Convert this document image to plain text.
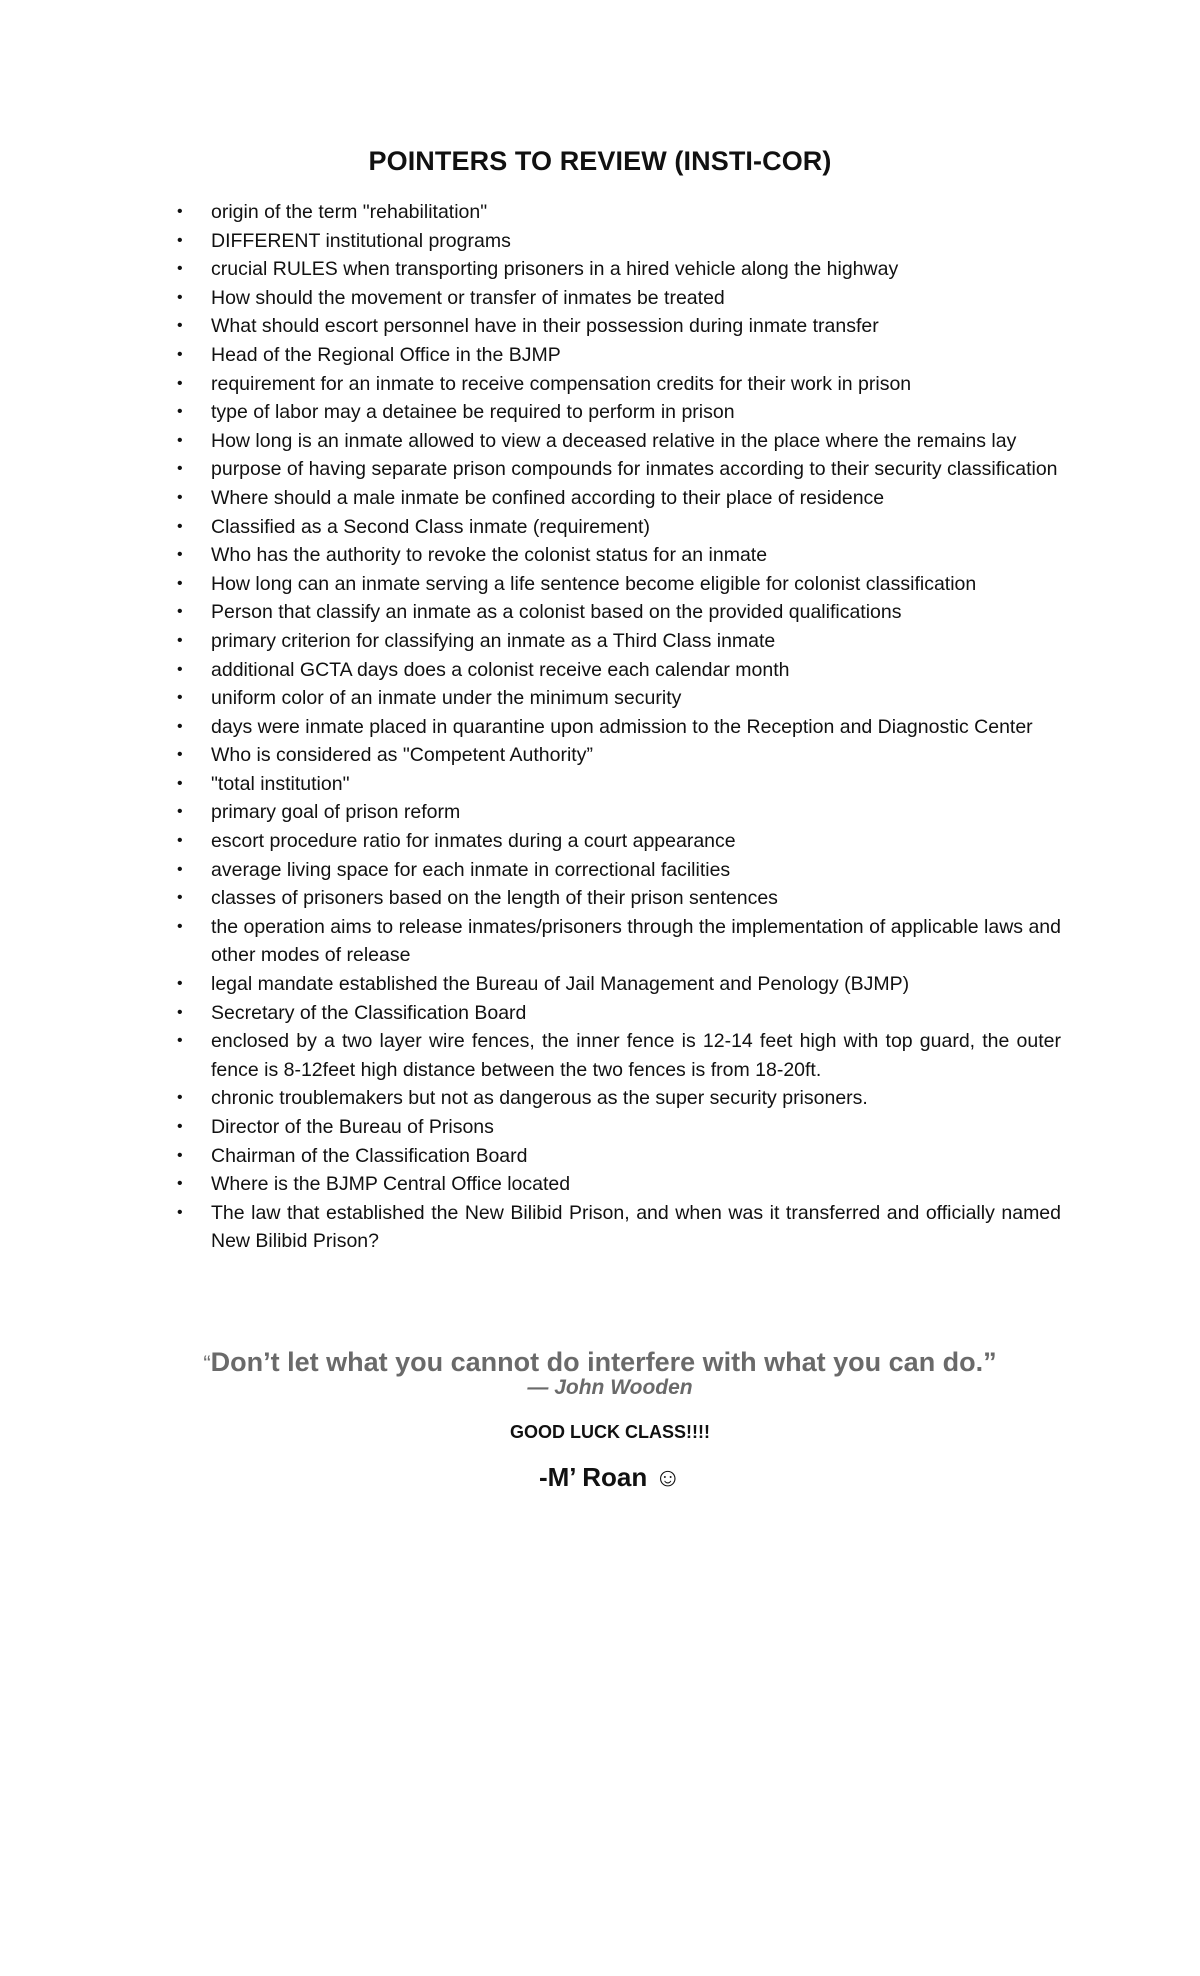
POINTERS TO REVIEW (INSTI-COR)
• origin of the term "rehabilitation"
• DIFFERENT institutional programs
• crucial RULES when transporting prisoners in a hired vehicle along the highway
• How should the movement or transfer of inmates be treated
• What should escort personnel have in their possession during inmate transfer
• Head of the Regional Office in the BJMP
• requirement for an inmate to receive compensation credits for their work in prison
• type of labor may a detainee be required to perform in prison
• How long is an inmate allowed to view a deceased relative in the place where the remains lay
• purpose of having separate prison compounds for inmates according to their security classification
• Where should a male inmate be confined according to their place of residence
• Classified as a Second Class inmate (requirement)
• Who has the authority to revoke the colonist status for an inmate
• How long can an inmate serving a life sentence become eligible for colonist classification
• Person that classify an inmate as a colonist based on the provided qualifications
• primary criterion for classifying an inmate as a Third Class inmate
• additional GCTA days does a colonist receive each calendar month
• uniform color of an inmate under the minimum security
• days were inmate placed in quarantine upon admission to the Reception and Diagnostic Center
• Who is considered as "Competent Authority”
• "total institution"
• primary goal of prison reform
• escort procedure ratio for inmates during a court appearance
• average living space for each inmate in correctional facilities
• classes of prisoners based on the length of their prison sentences
• the operation aims to release inmates/prisoners through the implementation of applicable laws and other modes of release
• legal mandate established the Bureau of Jail Management and Penology (BJMP)
• Secretary of the Classification Board
• enclosed by a two layer wire fences, the inner fence is 12-14 feet high with top guard, the outer fence is 8-12feet high distance between the two fences is from 18-20ft.
• chronic troublemakers but not as dangerous as the super security prisoners.
• Director of the Bureau of Prisons
• Chairman of the Classification Board
• Where is the BJMP Central Office located
• The law that established the New Bilibid Prison, and when was it transferred and officially named New Bilibid Prison?
“Don’t let what you cannot do interfere with what you can do.”
— John Wooden
GOOD LUCK CLASS!!!!
-M’ Roan ☺
